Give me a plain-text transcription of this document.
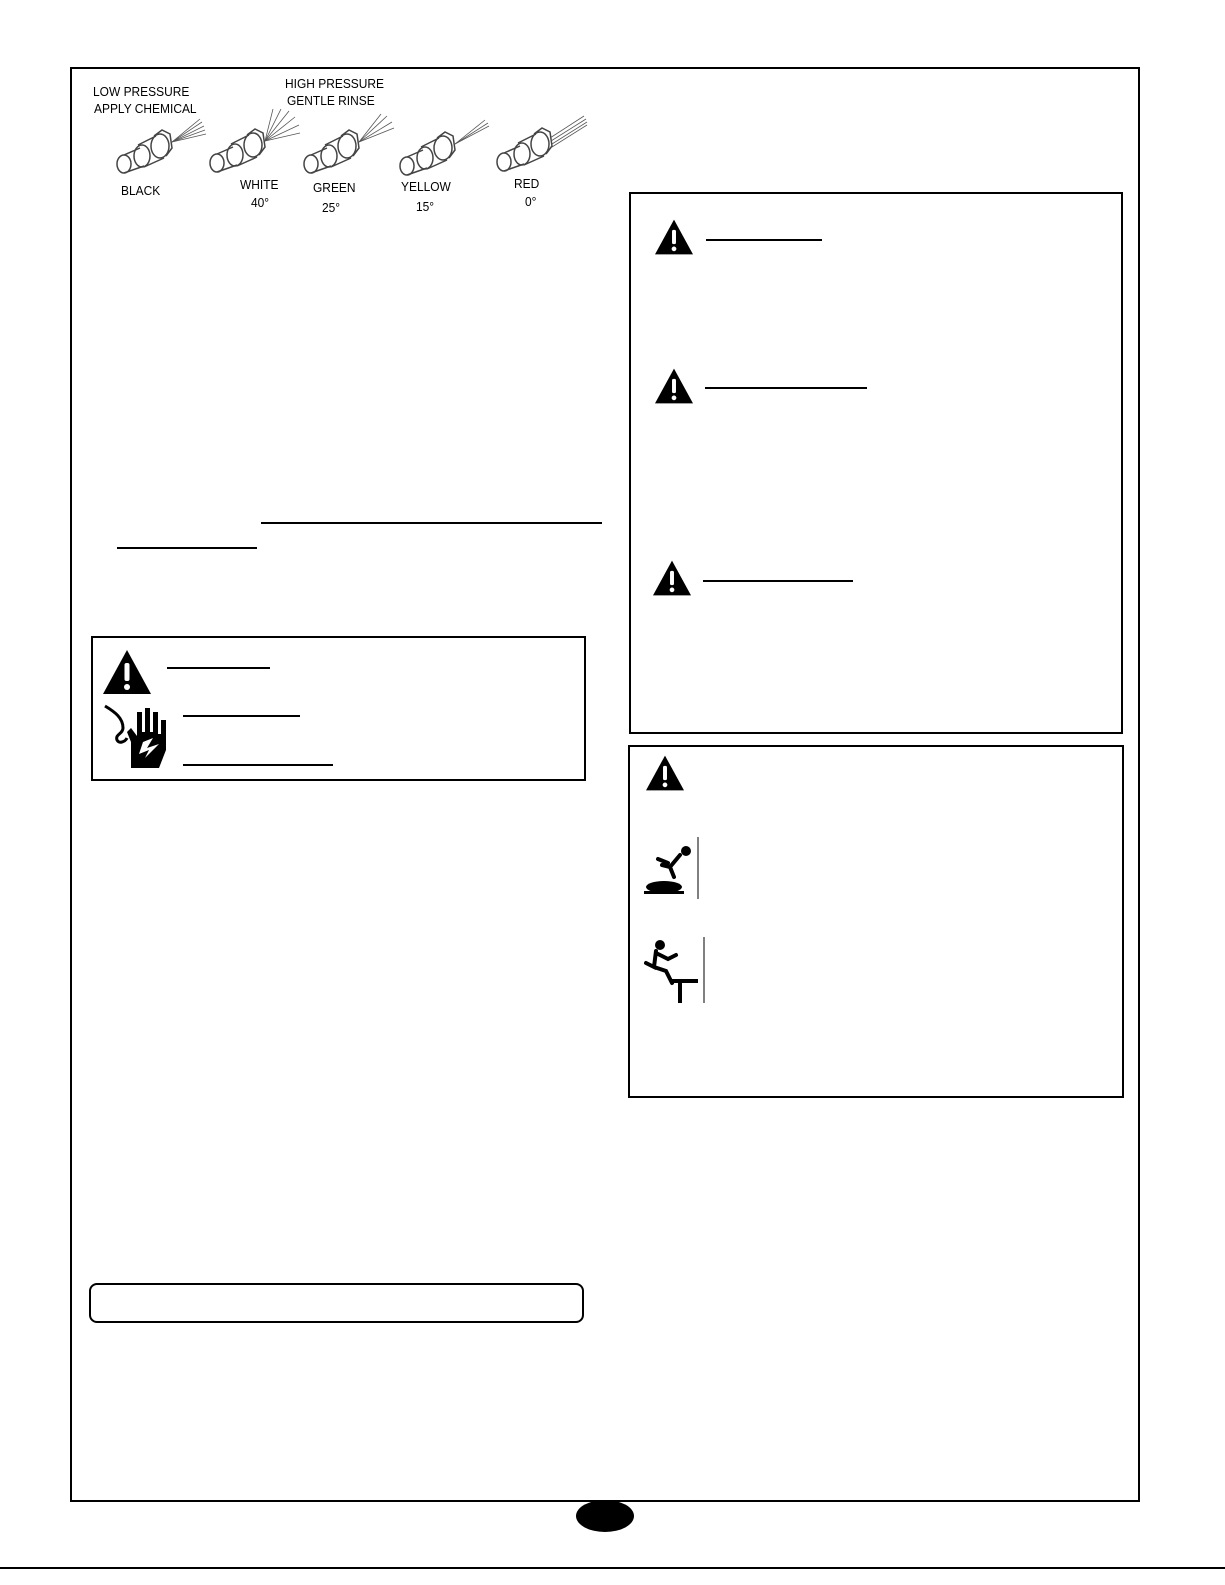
LOW PRESSURE
APPLY CHEMICAL
HIGH PRESSURE
GENTLE RINSE
BLACK	WHITE
40°
GREEN
25°
YELLOW
15°
RED
0°
